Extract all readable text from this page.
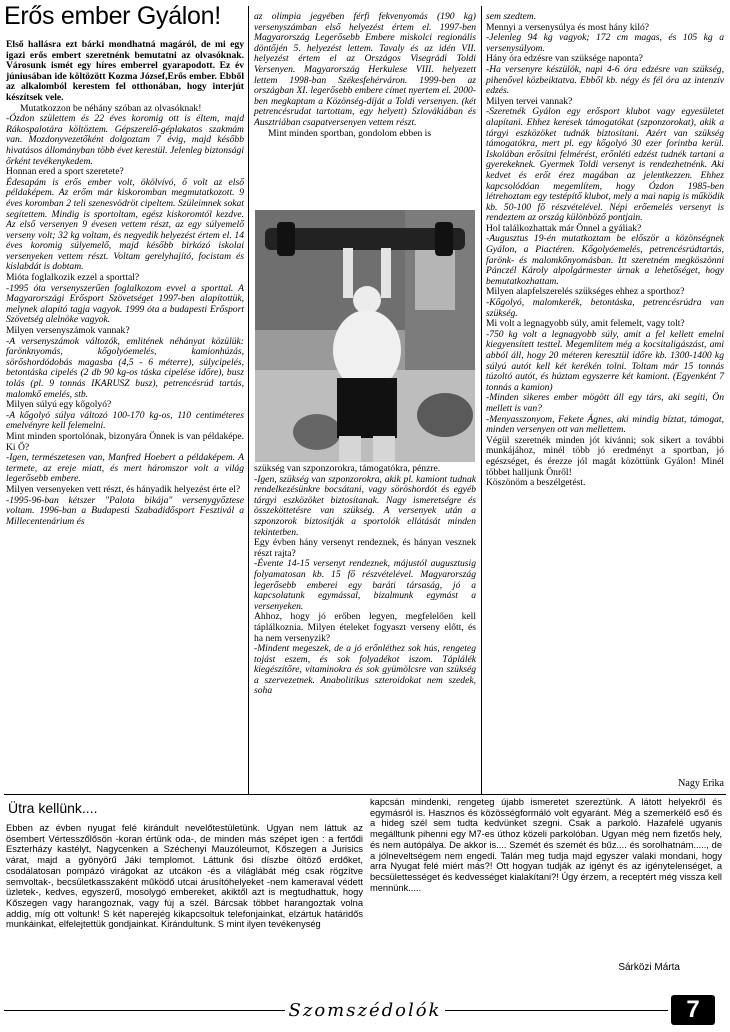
Erős ember Gyálon!

Első hallásra ezt bárki mondhatná magáról, de mi egy igazi erős embert szeretnénk bemutatni az olvasóknak. Városunk ismét egy híres emberrel gyarapodott. Ez év júniusában ide költözött Kozma József,Erős ember. Ebből az alkalomból kerestem fel otthonában, hogy interjút készítsek vele.

Mutatkozzon be néhány szóban az olvasóknak!

-Ózdon születtem és 22 éves koromig ott is éltem, majd Rákospalotára költöztem. Gépszerelő-géplakatos szakmám van. Mozdonyvezetőként dolgoztam 7 évig, majd később hivatásos állományban több évet kerestül. Jelenleg biztonsági őrként tevékenykedem.

Honnan ered a sport szeretete?

Édesapám is erős ember volt, ökölvívó, ő volt az első példaképem. Az erőm már kiskoromban megmutatkozott. 9 éves koromban 2 teli szenesvödröt cipeltem. Szüleimnek sokat segítettem. Mindig is sportoltam, egész kiskoromtól kezdve. Az első versenyen 9 évesen vettem részt, az egy súlyemelő verseny volt; 32 kg voltam, és negyedik helyezést értem el. 14 éves koromig súlyemelő, majd később birkózó iskolai versenyeken vettem részt. Voltam gerelyhajító, focistam és kislabdát is dobtam.

Mióta foglalkozik ezzel a sporttal?

-1995 óta versenyszerűen foglalkozom evvel a sporttal. A Magyarországi Erősport Szövetséget 1997-ben alapítottük, melynek alapító tagja vagyok. 1999 óta a budapesti Erősport Szövetség alelnöke vagyok.

Milyen versenyszámok vannak?

-A versenyszámok változók, emlitének néhányat közülük: farönknyomás, kőgolyóemelés, kamionhúzás, sörőshordódobás magasba (4,5 - 6 méterre), súlycipelés, betontáska cipelés (2 db 90 kg-os táska cipelése időre), busz tolás (pl. 9 tonnás IKARUSZ busz), petrencésrúd tartás, malomkő emelés, stb.

Milyen súlyú egy kőgolyó?

-A kőgolyó súlya változó 100-170 kg-os, 110 centiméteres emelvényre kell felemelni.

Mint minden sportolónak, bizonyára Önnek is van példaképe. Ki Ő?

-Igen, természetesen van, Manfred Hoebert a példaképem. A termete, az ereje miatt, és mert háromszor volt a világ legerősebb embere.

Milyen versenyeken vett részt, és hányadik helyezést érte el?

-1995-96-ban kétszer "Palota bikája" versenygyőztese voltam. 1996-ban a Budapesti Szabadidősport Fesztivál a Millecentenárium és

az olimpia jegyében férfi fekvenyomás (190 kg) versenyszámban első helyezést értem el. 1997-ben Magyarország Legerősebb Embere miskolci regionális döntőjén 5. helyezést lettem. Tavaly és az idén VII. helyezést értem el az Országos Visegrádi Toldi Versenyen. Magyarország Herkulese VIII. helyezett lettem 1998-ban Székesfehérváron. 1999-ben az országban XI. legerősebb embere címet nyertem el. 2000-ben megkaptam a Közönség-díját a Toldi versenyen. (két petrencésrudat tartottam, egy helyett) Szlovákiában és Ausztriában csapatversenyen vettem részt.

Mint minden sportban, gondolom ebben is

szükség van szponzorokra, támogatókra, pénzre.

-Igen, szükség van szponzorokra, akik pl. kamiont tudnak rendelkezésünkre bocsátani, vagy söröshordót és egyéb tárgyi eszközöket biztosítanak. Nagy ismeretségre és összeköttetésre van szükség. A versenyek után a szponzorok biztosítják a sportolók ellátását minden tekintetben.

Egy évben hány versenyt rendeznek, és hányan vesznek részt rajta?

-Évente 14-15 versenyt rendeznek, májustól augusztusig folyamatosan kb. 15 fő részvételével. Magyarország legerősebb emberei egy baráti társaság, jó a kapcsolatunk egymással, bizalmunk egymást a versenyeken.

Ahhoz, hogy jó erőben legyen, megfelelően kell táplálkoznia. Milyen ételeket fogyaszt verseny előtt, és ha nem versenyzik?

-Mindent megeszek, de a jó erőnléthez sok hús, rengeteg tojást eszem, és sok folyadékot iszom. Táplálék kiegészítőre, vitaminokra és sok gyümölcsre van szükség a szervezetnek. Anabolitikus szteroidokat nem szedek, soha

sem szedtem.

Mennyi a versenysúlya és most hány kiló?

-Jelenleg 94 kg vagyok; 172 cm magas, és 105 kg a versenysúlyom.

Hány óra edzésre van szüksége naponta?

-Ha versenyre készülök, napi 4-6 óra edzésre van szükség, pihenővel közbeiktatva. Ebből kb. négy és fél óra az intenzív edzés.

Milyen tervei vannak?

-Szeretnék Gyálon egy erősport klubot vagy egyesületet alapítani. Ehhez keresek támogatókat (szponzorokat), akik a tárgyi eszközöket tudnák biztosítani. Azért van szükség támogatókra, mert pl. egy kőgolyó 30 ezer forintba kerül. Iskolában erősítni felmérést, erőnléti edzést tudnék tartani a gyerekeknek. Gyermek Toldi versenyt is rendezhetnénk. Aki kedvet és erőt érez magában az jelentkezzen. Ehhez kapcsolódóan megemlítem, hogy Ózdon 1985-ben létrehoztam egy testépítő klubot, mely a mai napig is működik kb. 50-100 fő részvételével. Népi erőemelés versenyt is rendeztem az ország különböző pontjain.

Hol találkozhattak már Önnel a gyáliak?

-Augusztus 19-én mutatkoztam be először a közönségnek Gyálon, a Piactéren. Kőgolyóemelés, petrencésrúdtartás, farönk- és malomkőnyomásban. Itt szeretném megköszönni Pánczél Károly alpolgármester úrnak a lehetőséget, hogy bemutatkozhattam.

Milyen alapfelszerelés szükséges ehhez a sporthoz?

-Kőgolyó, malomkerék, betontáska, petrencésrúdra van szükség.

Mi volt a legnagyobb súly, amit felemelt, vagy tolt?

-750 kg volt a legnagyobb súly, amit a fel kellett emelni kiegyensített testtel. Megemlítem még a kocsitaligászást, ami abból áll, hogy 20 méteren keresztül időre kb. 1300-1400 kg súlyú autót kell két kerékén tolni. Toltam már 15 tonnás túzoltó autót, és húztam egyszerre két kamiont. (Egyenként 7 tonnás a kamion)

-Minden sikeres ember mögött áll egy társ, aki segíti, Ön mellett is van?

-Menyasszonyom, Fekete Ágnes, aki mindig bíztat, támogat, minden versenyen ott van mellettem.

Végül szeretnék minden jót kívánni; sok sikert a további munkájához, minél több jó eredményt a sportban, jó egészséget, és érezze jól magát közöttünk Gyálon! Minél többet halljunk Önről!

Köszönöm a beszélgetést.

Nagy Erika
Ütra kellünk....
Ebben az évben nyugat felé kirándult nevelőtestületünk. Ugyan nem láttuk az ösembert Vértesszőlősön -koran értünk oda-, de minden más szépet igen : a fertődi Eszterházy kastélyt, Nagycenken a Széchenyi Mauzóleumot, Kőszegen a Jurisics várat, majd a gyönyörű Jáki templomot. Láttunk ősi díszbe öltöző erdőket, csodálatosan pompázó virágokat az utcákon -és a világlábát még csak rögzítve semvoltak-, becsületkasszaként működő utcai árusítóhelyeket -nem kameraval védett üzletek-, kedves, egyszerű, mosolygó embereket, akiktől azt is megtudhattuk, hogy Kőszegen vagy harangoznak, vagy fúj a szél. Bárcsak többet harangoztak volna addig, míg ott voltunk! S két naperejég kikapcsoltuk telefonjainkat, elzártuk határidős munkáinkat, elfelejtettük gondjainkat. Kirándultunk. S mint ilyen tevékenység
kapcsán mindenki, rengeteg újabb ismeretet szereztünk. A látott helyekről és egymásról is. Hasznos és közösségformáló volt egyaránt. Még a szemerkélő eső és a hideg szél sem tudta kedvünket szegni. Csak a parkoló. Hazafelé ugyanis megálltunk pihenni egy M7-es úthoz közeli parkolóban. Ugyan még nem fizetős hely, és nem autópálya. De akkor is.... Szemét és szemét és bűz.... és sorolhatnám....., de a jólneveltségem nem engedi. Talán meg tudja majd egyszer valaki mondani, hogy arra Nyugat felé miért más?! Ott hogyan tudják az igényt és az igénytelenséget, a becsülettességet és kedvességet kialakítani?! Úgy érzem, a receptért még vissza kell mennünk.....
Sárközi Márta
Szomszédolók	7
